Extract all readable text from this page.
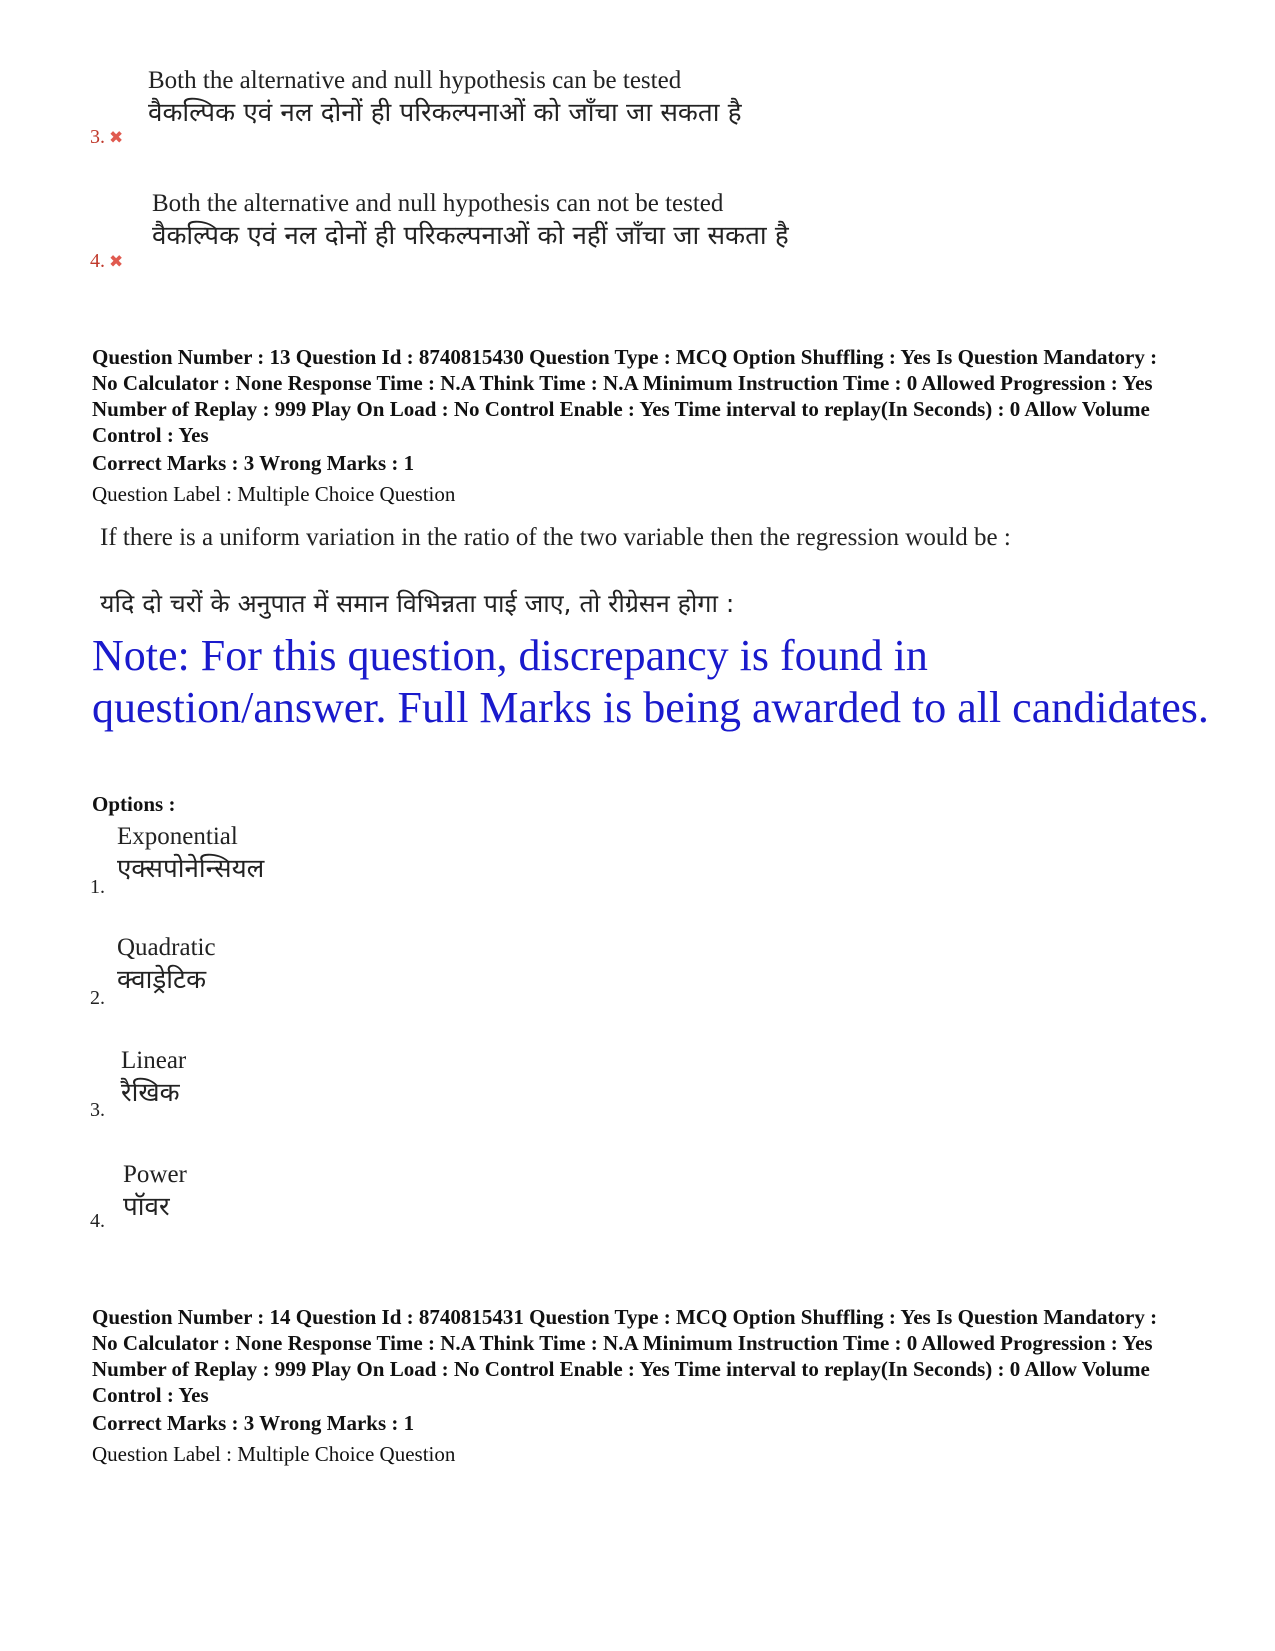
Both the alternative and null hypothesis can be tested
वैकल्पिक एवं नल दोनों ही परिकल्पनाओं को जाँचा जा सकता है
3. ✖
Both the alternative and null hypothesis can not be tested
वैकल्पिक एवं नल दोनों ही परिकल्पनाओं को नहीं जाँचा जा सकता है
4. ✖
Question Number : 13 Question Id : 8740815430 Question Type : MCQ Option Shuffling : Yes Is Question Mandatory : No Calculator : None Response Time : N.A Think Time : N.A Minimum Instruction Time : 0 Allowed Progression : Yes Number of Replay : 999 Play On Load : No Control Enable : Yes Time interval to replay(In Seconds) : 0 Allow Volume Control : Yes
Correct Marks : 3 Wrong Marks : 1
Question Label : Multiple Choice Question
If there is a uniform variation in the ratio of the two variable then the regression would be :
यदि दो चरों के अनुपात में समान विभिन्नता पाई जाए, तो रीग्रेसन होगा :
Note: For this question, discrepancy is found in question/answer. Full Marks is being awarded to all candidates.
Options :
Exponential
एक्सपोनेन्सियल
1.
Quadratic
क्वाड्रेटिक
2.
Linear
रैखिक
3.
Power
पॉवर
4.
Question Number : 14 Question Id : 8740815431 Question Type : MCQ Option Shuffling : Yes Is Question Mandatory : No Calculator : None Response Time : N.A Think Time : N.A Minimum Instruction Time : 0 Allowed Progression : Yes Number of Replay : 999 Play On Load : No Control Enable : Yes Time interval to replay(In Seconds) : 0 Allow Volume Control : Yes
Correct Marks : 3 Wrong Marks : 1
Question Label : Multiple Choice Question
